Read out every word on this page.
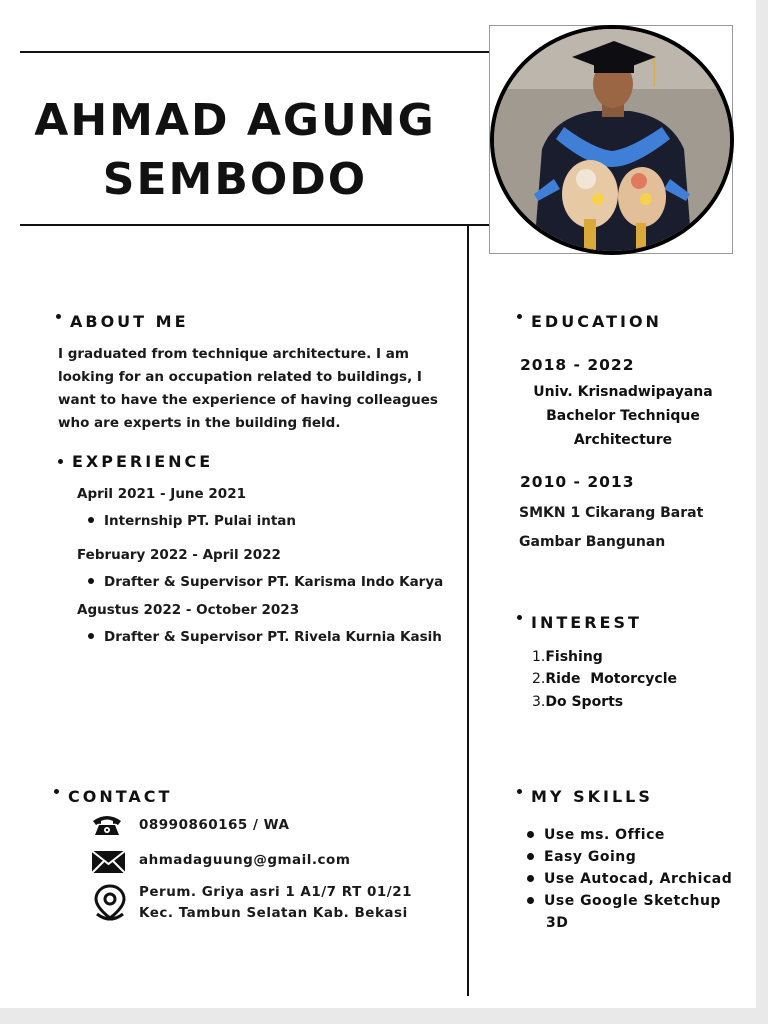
AHMAD AGUNG
SEMBODO
ABOUT ME
I graduated from technique architecture. I am looking for an occupation related to buildings, I want to have the experience of having colleagues who are experts in the building field.
EXPERIENCE
April 2021 - June 2021
Internship PT. Pulai intan
February 2022 - April 2022
Drafter & Supervisor PT. Karisma Indo Karya
Agustus 2022 - October 2023
Drafter & Supervisor PT. Rivela Kurnia Kasih
CONTACT
08990860165 / WA
ahmadaguung@gmail.com
Perum. Griya asri 1 A1/7 RT 01/21
Kec. Tambun Selatan Kab. Bekasi
EDUCATION
2018 - 2022
Univ. Krisnadwipayana
Bachelor Technique
Architecture
2010 - 2013
SMKN 1 Cikarang Barat
Gambar Bangunan
INTEREST
1.Fishing
2.Ride  Motorcycle
3.Do Sports
MY SKILLS
Use ms. Office
Easy Going
Use Autocad, Archicad
Use Google Sketchup 3D
